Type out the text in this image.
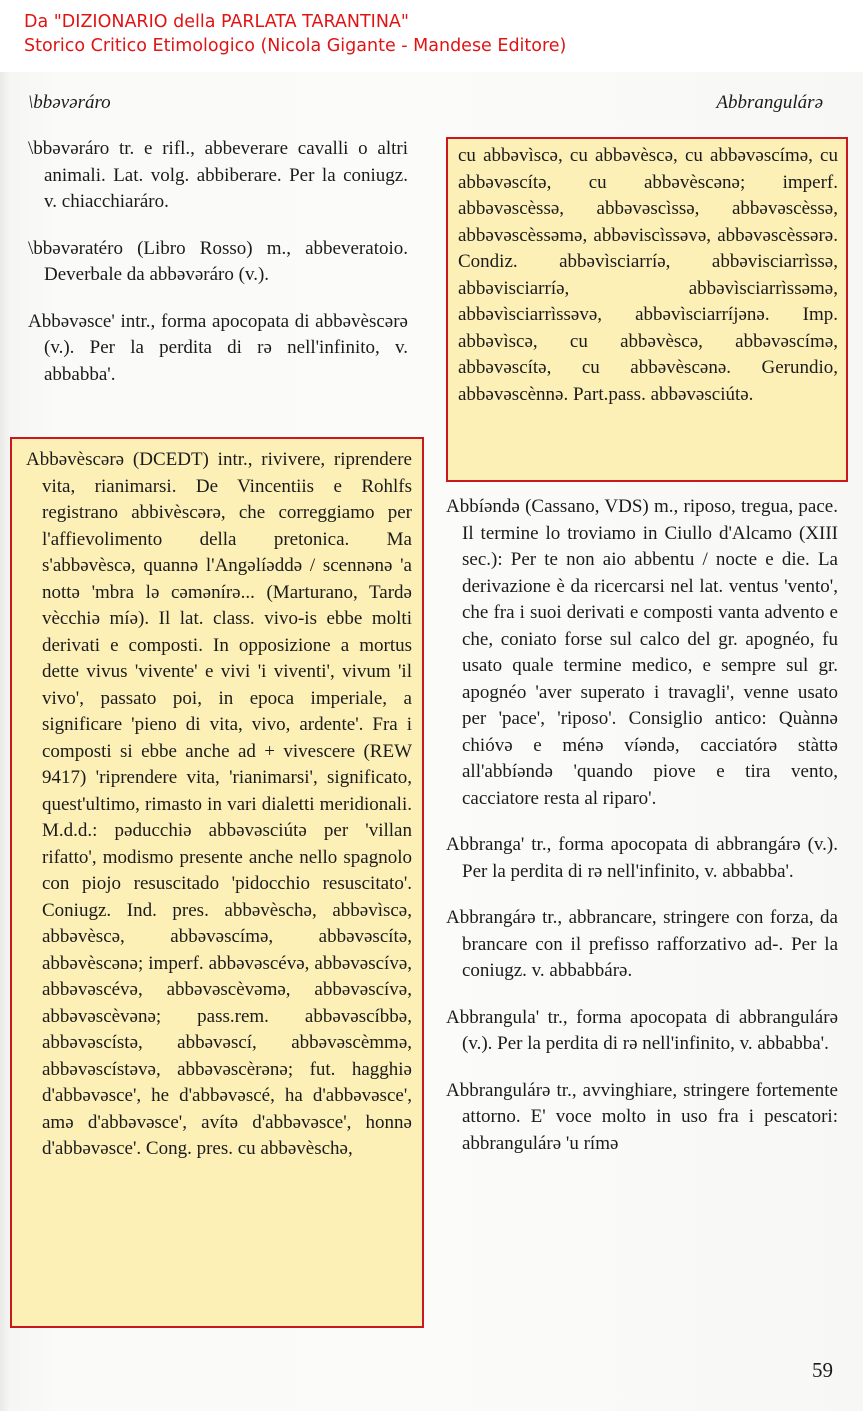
Da "DIZIONARIO della PARLATA TARANTINA"
Storico Critico Etimologico (Nicola Gigante - Mandese Editore)
\bbəvəráro	Abbrangulárə
\bbəvəráro tr. e rifl., abbeverare cavalli o altri animali. Lat. volg. abbiberare. Per la coniugz. v. chiacchiaráro.
\bbəvəratéro (Libro Rosso) m., abbeveratoio. Deverbale da abbəvəráro (v.).
Abbəvəsce' intr., forma apocopata di abbəvèscərə (v.). Per la perdita di rə nell'infinito, v. abbabba'.
Abbəvèscərə (DCEDT) intr., rivivere, riprendere vita, rianimarsi. De Vincentiis e Rohlfs registrano abbivèscərə, che correggiamo per l'affievolimento della pretonica. Ma s'abbəvèscə, quannə l'Angəlíəddə / scennənə 'a nottə 'mbra lə cəmənírə... (Marturano, Tardə vècchiə míə). Il lat. class. vivo-is ebbe molti derivati e composti. In opposizione a mortus dette vivus 'vivente' e vivi 'i viventi', vivum 'il vivo', passato poi, in epoca imperiale, a significare 'pieno di vita, vivo, ardente'. Fra i composti si ebbe anche ad + vivescere (REW 9417) 'riprendere vita, 'rianimarsi', significato, quest'ultimo, rimasto in vari dialetti meridionali. M.d.d.: pəducchiə abbəvəsciútə per 'villan rifatto', modismo presente anche nello spagnolo con piojo resuscitado 'pidocchio resuscitato'. Coniugz. Ind. pres. abbəvèschə, abbəvìscə, abbəvèscə, abbəvəscímə, abbəvəscítə, abbəvèscənə; imperf. abbəvəscévə, abbəvəscívə, abbəvəscévə, abbəvəscèvəmə, abbəvəscívə, abbəvəscèvənə; pass.rem. abbəvəscíbbə, abbəvəscístə, abbəvəscí, abbəvəscèmmə, abbəvəscístəvə, abbəvəscèrənə; fut. hagghiə d'abbəvəsce', he d'abbəvəscé, ha d'abbəvəsce', amə d'abbəvəsce', avítə d'abbəvəsce', honnə d'abbəvəsce'. Cong. pres. cu abbəvèschə,
cu abbəvìscə, cu abbəvèscə, cu abbəvəscímə, cu abbəvəscítə, cu abbəvèscənə; imperf. abbəvəscèssə, abbəvəscìssə, abbəvəscèssə, abbəvəscèssəmə, abbəviscìssəvə, abbəvəscèssərə. Condiz. abbəvìsciarríə, abbəvisciarrìssə, abbəvisciarríə, abbəvìsciarrìssəmə, abbəvìsciarrìssəvə, abbəvìsciarríjənə. Imp. abbəvìscə, cu abbəvèscə, abbəvəscímə, abbəvəscítə, cu abbəvèscənə. Gerundio, abbəvəscènnə. Part.pass. abbəvəsciútə.
Abbíəndə (Cassano, VDS) m., riposo, tregua, pace. Il termine lo troviamo in Ciullo d'Alcamo (XIII sec.): Per te non aio abbentu / nocte e die. La derivazione è da ricercarsi nel lat. ventus 'vento', che fra i suoi derivati e composti vanta advento e che, coniato forse sul calco del gr. apognéo, fu usato quale termine medico, e sempre sul gr. apognéo 'aver superato i travagli', venne usato per 'pace', 'riposo'. Consiglio antico: Quànnə chióvə e ménə víəndə, cacciatórə stàttə all'abbíəndə 'quando piove e tira vento, cacciatore resta al riparo'.
Abbranga' tr., forma apocopata di abbrangárə (v.). Per la perdita di rə nell'infinito, v. abbabba'.
Abbrangárə tr., abbrancare, stringere con forza, da brancare con il prefisso rafforzativo ad-. Per la coniugz. v. abbabbárə.
Abbrangula' tr., forma apocopata di abbrangulárə (v.). Per la perdita di rə nell'infinito, v. abbabba'.
Abbrangulárə tr., avvinghiare, stringere fortemente attorno. E' voce molto in uso fra i pescatori: abbrangulárə 'u rímə
59
